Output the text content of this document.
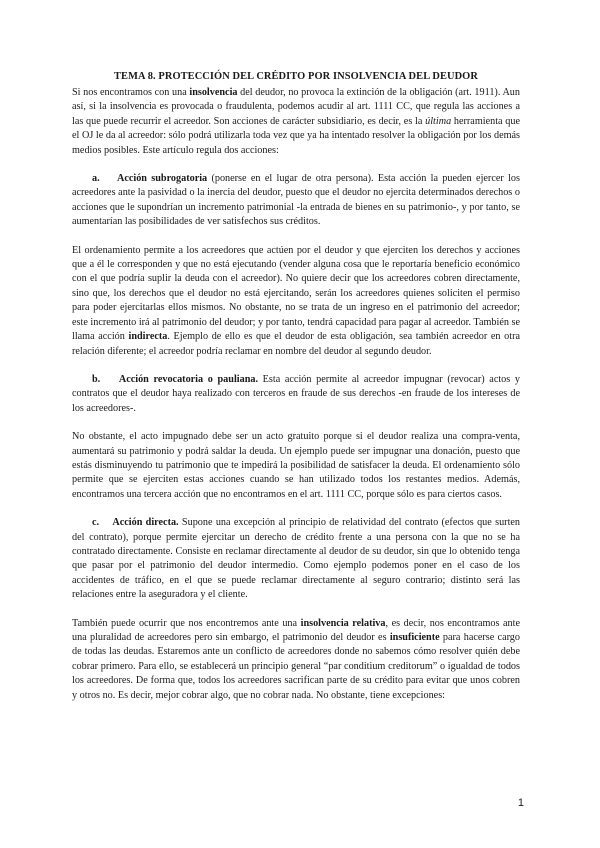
TEMA 8. PROTECCIÓN DEL CRÉDITO POR INSOLVENCIA DEL DEUDOR

Si nos encontramos con una insolvencia del deudor, no provoca la extinción de la obligación (art. 1911). Aun así, si la insolvencia es provocada o fraudulenta, podemos acudir al art. 1111 CC, que regula las acciones a las que puede recurrir el acreedor. Son acciones de carácter subsidiario, es decir, es la última herramienta que el OJ le da al acreedor: sólo podrá utilizarla toda vez que ya ha intentado resolver la obligación por los demás medios posibles. Este artículo regula dos acciones:

a. Acción subrogatoria (ponerse en el lugar de otra persona). Esta acción la pueden ejercer los acreedores ante la pasividad o la inercia del deudor, puesto que el deudor no ejercita determinados derechos o acciones que le supondrían un incremento patrimonial -la entrada de bienes en su patrimonio-, y por tanto, se aumentarían las posibilidades de ver satisfechos sus créditos.

El ordenamiento permite a los acreedores que actúen por el deudor y que ejerciten los derechos y acciones que a él le corresponden y que no está ejecutando (vender alguna cosa que le reportaría beneficio económico con el que podría suplir la deuda con el acreedor). No quiere decir que los acreedores cobren directamente, sino que, los derechos que el deudor no está ejercitando, serán los acreedores quienes soliciten el permiso para poder ejercitarlas ellos mismos. No obstante, no se trata de un ingreso en el patrimonio del acreedor; este incremento irá al patrimonio del deudor; y por tanto, tendrá capacidad para pagar al acreedor. También se llama acción indirecta. Ejemplo de ello es que el deudor de esta obligación, sea también acreedor en otra relación diferente; el acreedor podría reclamar en nombre del deudor al segundo deudor.

b. Acción revocatoria o pauliana. Esta acción permite al acreedor impugnar (revocar) actos y contratos que el deudor haya realizado con terceros en fraude de sus derechos -en fraude de los intereses de los acreedores-.

No obstante, el acto impugnado debe ser un acto gratuito porque si el deudor realiza una compra-venta, aumentará su patrimonio y podrá saldar la deuda. Un ejemplo puede ser impugnar una donación, puesto que estás disminuyendo tu patrimonio que te impedirá la posibilidad de satisfacer la deuda. El ordenamiento sólo permite que se ejerciten estas acciones cuando se han utilizado todos los restantes medios. Además, encontramos una tercera acción que no encontramos en el art. 1111 CC, porque sólo es para ciertos casos.

c. Acción directa. Supone una excepción al principio de relatividad del contrato (efectos que surten del contrato), porque permite ejercitar un derecho de crédito frente a una persona con la que no se ha contratado directamente. Consiste en reclamar directamente al deudor de su deudor, sin que lo obtenido tenga que pasar por el patrimonio del deudor intermedio. Como ejemplo podemos poner en el caso de los accidentes de tráfico, en el que se puede reclamar directamente al seguro contrario; distinto será las relaciones entre la aseguradora y el cliente.

También puede ocurrir que nos encontremos ante una insolvencia relativa, es decir, nos encontramos ante una pluralidad de acreedores pero sin embargo, el patrimonio del deudor es insuficiente para hacerse cargo de todas las deudas. Estaremos ante un conflicto de acreedores donde no sabemos cómo resolver quién debe cobrar primero. Para ello, se establecerá un principio general “par conditium creditorum” o igualdad de todos los acreedores. De forma que, todos los acreedores sacrifican parte de su crédito para evitar que unos cobren y otros no. Es decir, mejor cobrar algo, que no cobrar nada. No obstante, tiene excepciones:

1
